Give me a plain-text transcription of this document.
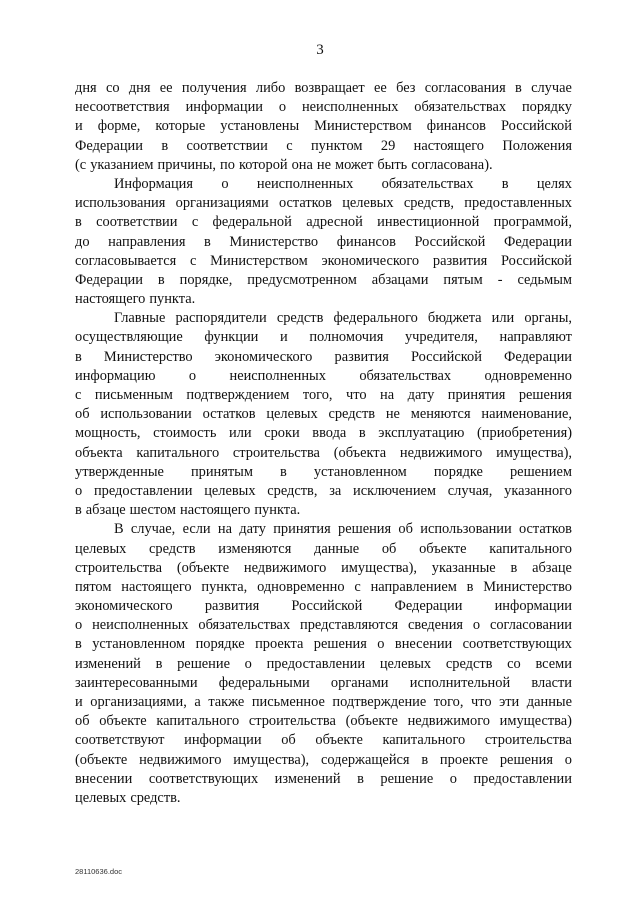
3
дня со дня ее получения либо возвращает ее без согласования в случае
несоответствия информации о неисполненных обязательствах порядку
и форме, которые установлены Министерством финансов Российской
Федерации в соответствии с пунктом 29 настоящего Положения
(с указанием причины, по которой она не может быть согласована).
Информация о неисполненных обязательствах в целях
использования организациями остатков целевых средств, предоставленных
в соответствии с федеральной адресной инвестиционной программой,
до направления в Министерство финансов Российской Федерации
согласовывается с Министерством экономического развития Российской
Федерации в порядке, предусмотренном абзацами пятым - седьмым
настоящего пункта.
Главные распорядители средств федерального бюджета или органы,
осуществляющие функции и полномочия учредителя, направляют
в Министерство экономического развития Российской Федерации
информацию о неисполненных обязательствах одновременно
с письменным подтверждением того, что на дату принятия решения
об использовании остатков целевых средств не меняются наименование,
мощность, стоимость или сроки ввода в эксплуатацию (приобретения)
объекта капитального строительства (объекта недвижимого имущества),
утвержденные принятым в установленном порядке решением
о предоставлении целевых средств, за исключением случая, указанного
в абзаце шестом настоящего пункта.
В случае, если на дату принятия решения об использовании остатков
целевых средств изменяются данные об объекте капитального
строительства (объекте недвижимого имущества), указанные в абзаце
пятом настоящего пункта, одновременно с направлением в Министерство
экономического развития Российской Федерации информации
о неисполненных обязательствах представляются сведения о согласовании
в установленном порядке проекта решения о внесении соответствующих
изменений в решение о предоставлении целевых средств со всеми
заинтересованными федеральными органами исполнительной власти
и организациями, а также письменное подтверждение того, что эти данные
об объекте капитального строительства (объекте недвижимого имущества)
соответствуют информации об объекте капитального строительства
(объекте недвижимого имущества), содержащейся в проекте решения о
внесении соответствующих изменений в решение о предоставлении
целевых средств.
28110636.doc
